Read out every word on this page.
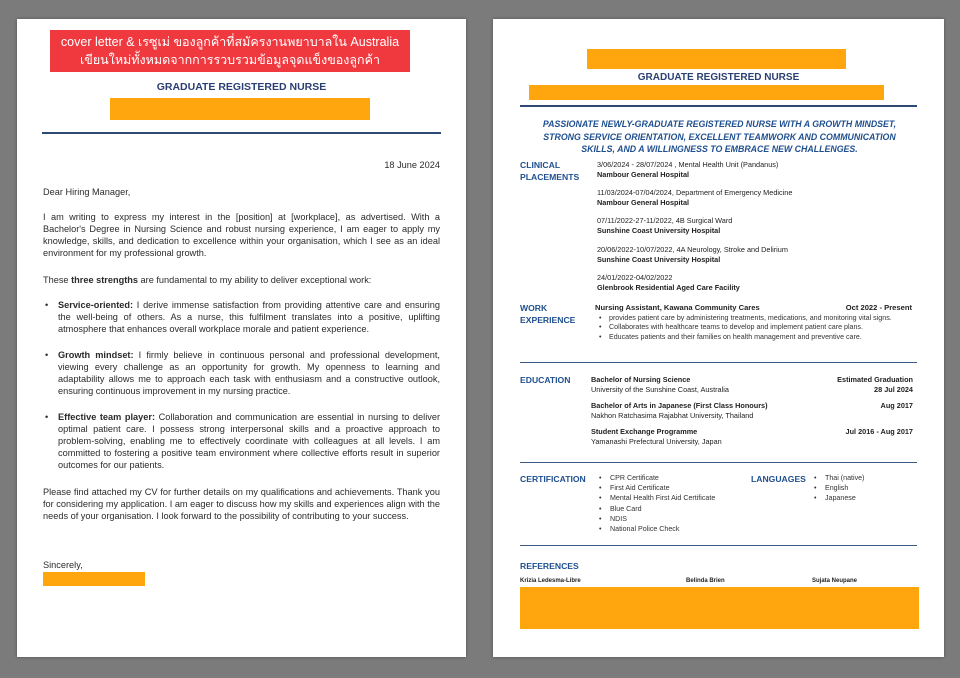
cover letter & เรซูเม่ ของลูกค้าที่สมัครงานพยาบาลใน Australia
เขียนใหม่ทั้งหมดจากการรวบรวมข้อมูลจุดแข็งของลูกค้า
GRADUATE REGISTERED NURSE
18 June 2024

Dear Hiring Manager,

I am writing to express my interest in the [position] at [workplace], as advertised. With a Bachelor's Degree in Nursing Science and robust nursing experience, I am eager to apply my knowledge, skills, and dedication to excellence within your organisation, which I see as an ideal environment for my professional growth.

These three strengths are fundamental to my ability to deliver exceptional work:

• Service-oriented: I derive immense satisfaction from providing attentive care and ensuring the well-being of others. As a nurse, this fulfilment translates into a positive, uplifting atmosphere that enhances overall workplace morale and patient experience.
• Growth mindset: I firmly believe in continuous personal and professional development, viewing every challenge as an opportunity for growth. My openness to learning and adaptability allows me to approach each task with enthusiasm and a constructive outlook, ensuring continuous improvement in my nursing practice.
• Effective team player: Collaboration and communication are essential in nursing to deliver optimal patient care. I possess strong interpersonal skills and a proactive approach to problem-solving, enabling me to effectively coordinate with colleagues at all levels. I am committed to fostering a positive team environment where collective efforts result in superior outcomes for our patients.

Please find attached my CV for further details on my qualifications and achievements. Thank you for considering my application. I am eager to discuss how my skills and experiences align with the needs of your organisation. I look forward to the possibility of contributing to your success.

Sincerely,

GRADUATE REGISTERED NURSE
PASSIONATE NEWLY-GRADUATE REGISTERED NURSE WITH A GROWTH MINDSET, STRONG SERVICE ORIENTATION, EXCELLENT TEAMWORK AND COMMUNICATION SKILLS, AND A WILLINGNESS TO EMBRACE NEW CHALLENGES.
CLINICAL
PLACEMENTS
3/06/2024 - 28/07/2024 , Mental Health Unit (Pandanus)
Nambour General Hospital
11/03/2024-07/04/2024, Department of Emergency Medicine
Nambour General Hospital
07/11/2022-27-11/2022, 4B Surgical Ward
Sunshine Coast University Hospital
20/06/2022-10/07/2022, 4A Neurology, Stroke and Delirium
Sunshine Coast University Hospital
24/01/2022-04/02/2022
Glenbrook Residential Aged Care Facility
WORK
EXPERIENCE
Nursing Assistant, Kawana Community Cares	Oct 2022 - Present
• provides patient care by administering treatments, medications, and monitoring vital signs.
• Collaborates with healthcare teams to develop and implement patient care plans.
• Educates patients and their families on health management and preventive care.
EDUCATION	Bachelor of Nursing Science
University of the Sunshine Coast, Australia
Estimated Graduation
28 Jul 2024
Bachelor of Arts in Japanese (First Class Honours)
Nakhon Ratchasima Rajabhat University, Thailand
Aug 2017
Student Exchange Programme
Yamanashi Prefectural University, Japan
Jul 2016 - Aug 2017
CERTIFICATION	• CPR Certificate
• First Aid Certificate
• Mental Health First Aid Certificate
• Blue Card
• NDIS
• National Police Check
LANGUAGES	• Thai (native)
• English
• Japanese
REFERENCES
Krizia Ledesma-Libre	Belinda Brien	Sujata Neupane
